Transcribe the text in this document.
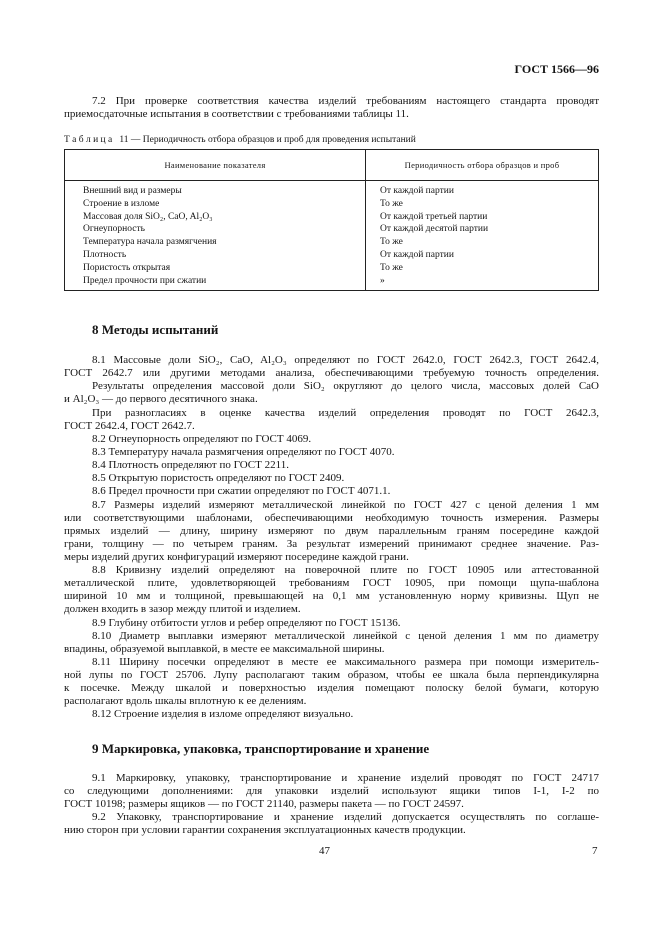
ГОСТ 1566—96
7.2 При проверке соответствия качества изделий требованиям настоящего стандарта проводят
приемосдаточные испытания в соответствии с требованиями таблицы 11.
Т а б л и ц а 11 — Периодичность отбора образцов и проб для проведения испытаний
Наименование показателя	Периодичность отбора образцов и проб
Внешний вид и размеры	От каждой партии
Строение в изломе	То же
Массовая доля SiO₂, CaO, Al₂O₃	От каждой третьей партии
Огнеупорность	От каждой десятой партии
Температура начала размягчения	То же
Плотность	От каждой партии
Пористость открытая	То же
Предел прочности при сжатии	»
8 Методы испытаний
8.1 Массовые доли SiO₂, CaO, Al₂O₃ определяют по ГОСТ 2642.0, ГОСТ 2642.3, ГОСТ 2642.4,
ГОСТ 2642.7 или другими методами анализа, обеспечивающими требуемую точность определения.
Результаты определения массовой доли SiO₂ округляют до целого числа, массовых долей CaO
и Al₂O₃ — до первого десятичного знака.
При разногласиях в оценке качества изделий определения проводят по ГОСТ 2642.3,
ГОСТ 2642.4, ГОСТ 2642.7.
8.2 Огнеупорность определяют по ГОСТ 4069.
8.3 Температуру начала размягчения определяют по ГОСТ 4070.
8.4 Плотность определяют по ГОСТ 2211.
8.5 Открытую пористость определяют по ГОСТ 2409.
8.6 Предел прочности при сжатии определяют по ГОСТ 4071.1.
8.7 Размеры изделий измеряют металлической линейкой по ГОСТ 427 с ценой деления 1 мм
или соответствующими шаблонами, обеспечивающими необходимую точность измерения. Размеры
прямых изделий — длину, ширину измеряют по двум параллельным граням посередине каждой
грани, толщину — по четырем граням. За результат измерений принимают среднее значение. Раз-
меры изделий других конфигураций измеряют посередине каждой грани.
8.8 Кривизну изделий определяют на поверочной плите по ГОСТ 10905 или аттестованной
металлической плите, удовлетворяющей требованиям ГОСТ 10905, при помощи щупа-шаблона
шириной 10 мм и толщиной, превышающей на 0,1 мм установленную норму кривизны. Щуп не
должен входить в зазор между плитой и изделием.
8.9 Глубину отбитости углов и ребер определяют по ГОСТ 15136.
8.10 Диаметр выплавки измеряют металлической линейкой с ценой деления 1 мм по диаметру
впадины, образуемой выплавкой, в месте ее максимальной ширины.
8.11 Ширину посечки определяют в месте ее максимального размера при помощи измеритель-
ной лупы по ГОСТ 25706. Лупу располагают таким образом, чтобы ее шкала была перпендикулярна
к посечке. Между шкалой и поверхностью изделия помещают полоску белой бумаги, которую
располагают вдоль шкалы вплотную к ее делениям.
8.12 Строение изделия в изломе определяют визуально.
9 Маркировка, упаковка, транспортирование и хранение
9.1 Маркировку, упаковку, транспортирование и хранение изделий проводят по ГОСТ 24717
со следующими дополнениями: для упаковки изделий используют ящики типов I-1, I-2 по
ГОСТ 10198; размеры ящиков — по ГОСТ 21140, размеры пакета — по ГОСТ 24597.
9.2 Упаковку, транспортирование и хранение изделий допускается осуществлять по соглаше-
нию сторон при условии гарантии сохранения эксплуатационных качеств продукции.
47	7
